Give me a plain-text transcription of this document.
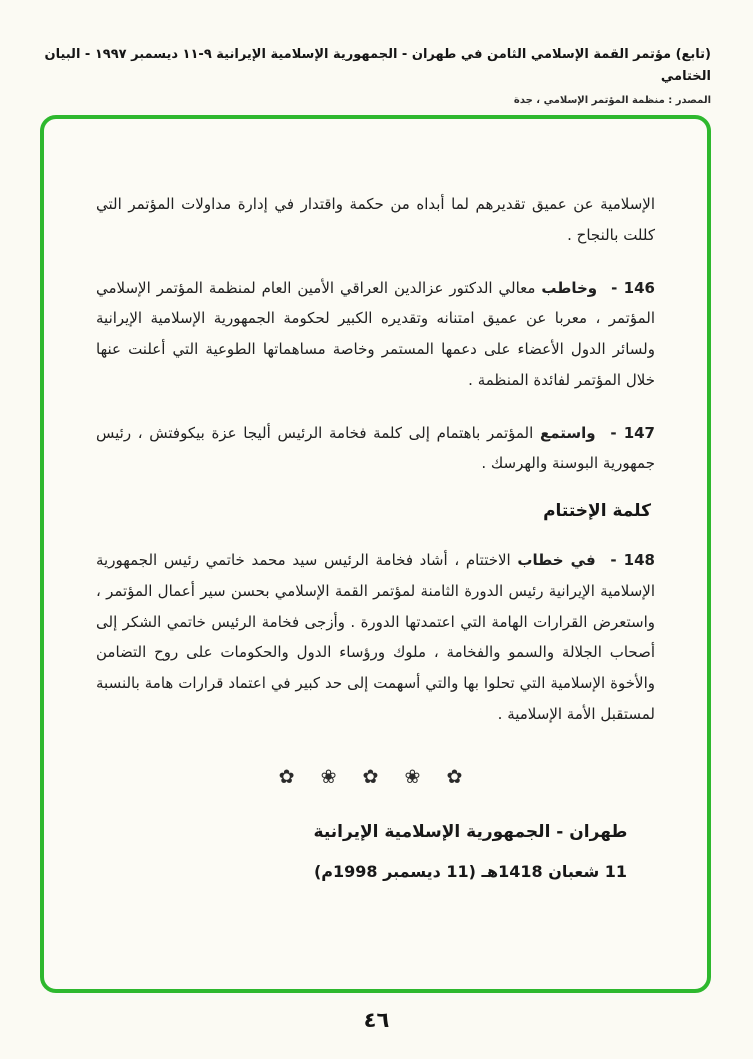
(تابع) مؤتمر القمة الإسلامي الثامن في طهران - الجمهورية الإسلامية الإيرانية ٩-١١ ديسمبر ١٩٩٧ - البيان الختامي
المصدر : منظمة المؤتمر الإسلامي ، جدة

الإسلامية عن عميق تقديرهم لما أبداه من حكمة واقتدار في إدارة مداولات المؤتمر التي كللت بالنجاح .

146 - وخاطب معالي الدكتور عزالدين العراقي الأمين العام لمنظمة المؤتمر الإسلامي المؤتمر ، معربا عن عميق امتنانه وتقديره الكبير لحكومة الجمهورية الإسلامية الإيرانية ولسائر الدول الأعضاء على دعمها المستمر وخاصة مساهماتها الطوعية التي أعلنت عنها خلال المؤتمر لفائدة المنظمة .

147 - واستمع المؤتمر باهتمام إلى كلمة فخامة الرئيس أليجا عزة بيكوفتش ، رئيس جمهورية البوسنة والهرسك .

كلمة الإختتام

148 - في خطاب الاختتام ، أشاد فخامة الرئيس سيد محمد خاتمي رئيس الجمهورية الإسلامية الإيرانية رئيس الدورة الثامنة لمؤتمر القمة الإسلامي بحسن سير أعمال المؤتمر ، واستعرض القرارات الهامة التي اعتمدتها الدورة . وأزجى فخامة الرئيس خاتمي الشكر إلى أصحاب الجلالة والسمو والفخامة ، ملوك ورؤساء الدول والحكومات على روح التضامن والأخوة الإسلامية التي تحلوا بها والتي أسهمت إلى حد كبير في اعتماد قرارات هامة بالنسبة لمستقبل الأمة الإسلامية .

✿ ❀ ✿ ❀ ✿
طهران - الجمهورية الإسلامية الإيرانية
11 شعبان 1418هـ (11 ديسمبر 1998م)
٤٦
